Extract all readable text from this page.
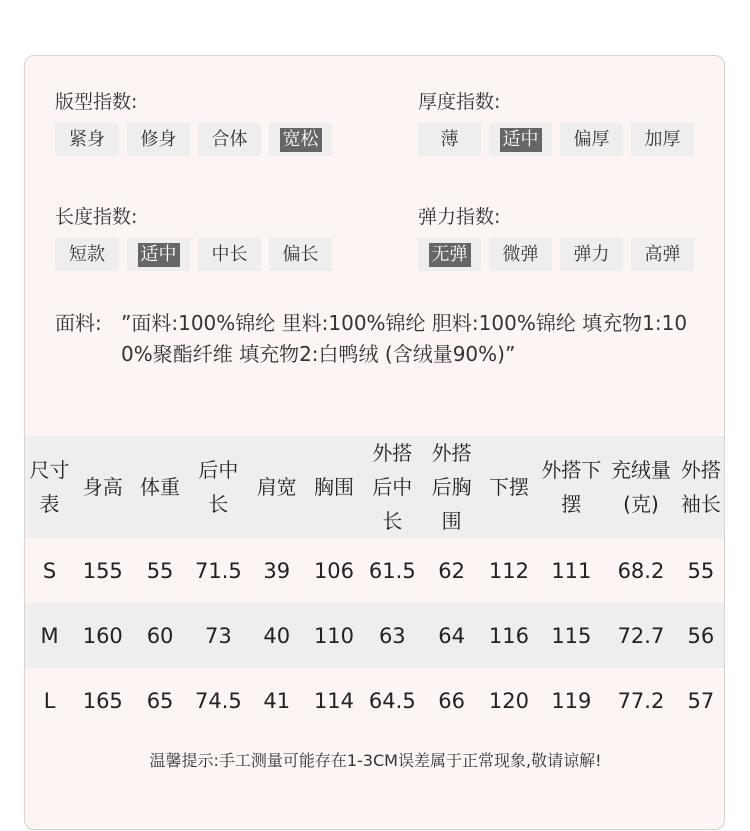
版型指数:
紧身	修身	合体	宽松
厚度指数:
薄	适中	偏厚	加厚
长度指数:
短款	适中	中长	偏长
弹力指数:
无弹	微弹	弹力	高弹
面料: ”面料:100%锦纶 里料:100%锦纶 胆料:100%锦纶 填充物1:100%聚酯纤维 填充物2:白鸭绒 (含绒量90%)”
尺寸表	身高	体重	后中长	肩宽	胸围	外搭后中长	外搭后胸围	下摆	外搭下摆	充绒量(克)	外搭袖长
S	155	55	71.5	39	106	61.5	62	112	111	68.2	55
M	160	60	73	40	110	63	64	116	115	72.7	56
L	165	65	74.5	41	114	64.5	66	120	119	77.2	57
温馨提示:手工测量可能存在1-3CM误差属于正常现象,敬请谅解!
